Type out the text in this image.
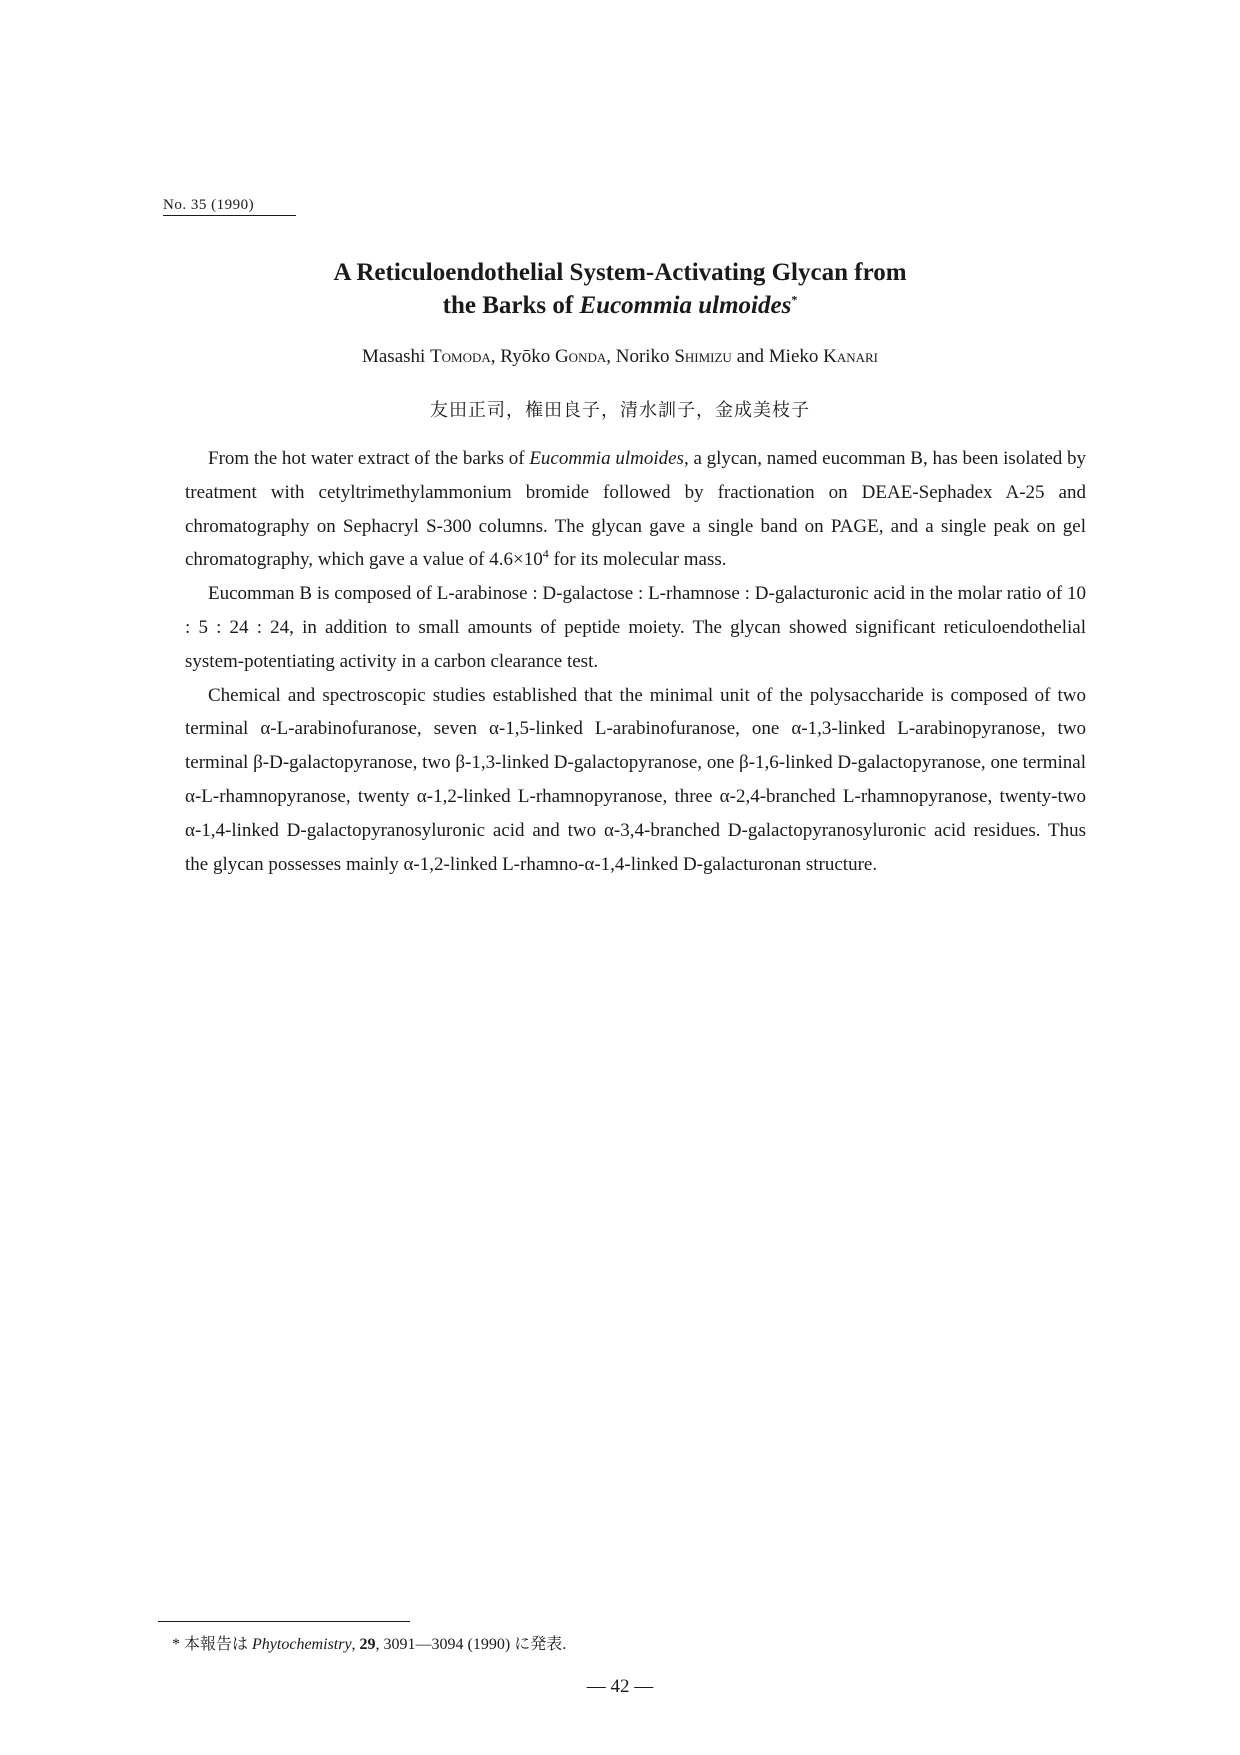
No. 35 (1990)
A Reticuloendothelial System-Activating Glycan from
the Barks of Eucommia ulmoides*
Masashi Tomoda, Ryōko Gonda, Noriko Shimizu and Mieko Kanari
友田正司，権田良子，清水訓子，金成美枝子

From the hot water extract of the barks of Eucommia ulmoides, a glycan, named eucomman B, has been isolated by treatment with cetyltrimethylammonium bromide followed by fractionation on DEAE-Sephadex A-25 and chromatography on Sephacryl S-300 columns. The glycan gave a single band on PAGE, and a single peak on gel chromatography, which gave a value of $4.6\times 10^4$ for its molecular mass.

Eucomman B is composed of L-arabinose : D-galactose : L-rhamnose : D-galacturonic acid in the molar ratio of 10 : 5 : 24 : 24, in addition to small amounts of peptide moiety. The glycan showed significant reticuloendothelial system-potentiating activity in a carbon clearance test.

Chemical and spectroscopic studies established that the minimal unit of the polysaccharide is composed of two terminal α-L-arabinofuranose, seven α-1,5-linked L-arabinofuranose, one α-1,3-linked L-arabinopyranose, two terminal β-D-galactopyranose, two β-1,3-linked D-galactopyranose, one β-1,6-linked D-galactopyranose, one terminal α-L-rhamnopyranose, twenty α-1,2-linked L-rhamnopyranose, three α-2,4-branched L-rhamnopyranose, twenty-two α-1,4-linked D-galactopyranosyluronic acid and two α-3,4-branched D-galactopyranosyluronic acid residues. Thus the glycan possesses mainly α-1,2-linked L-rhamno-α-1,4-linked D-galacturonan structure.

* 本報告は Phytochemistry, 29, 3091—3094 (1990) に発表.
— 42 —
